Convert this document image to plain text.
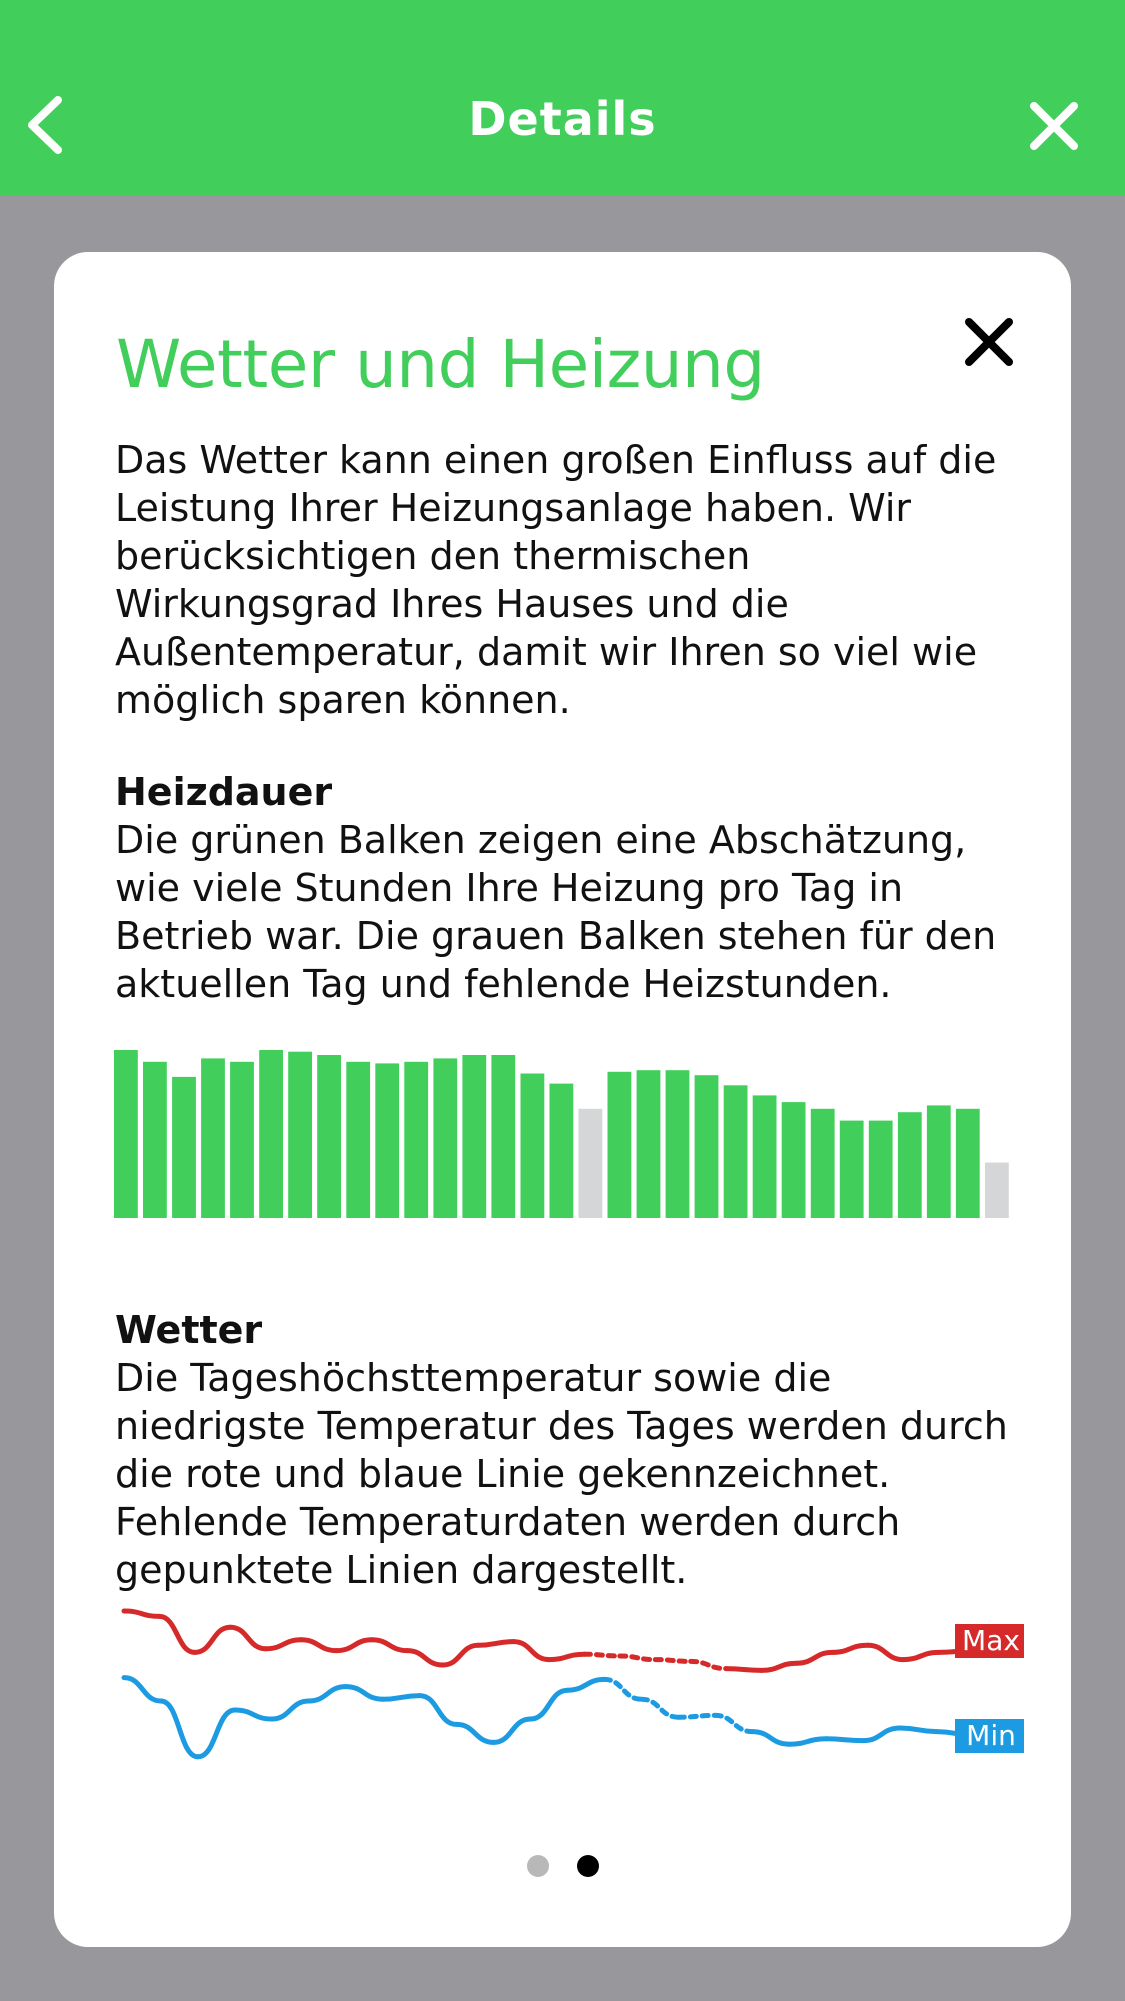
Details
Wetter und Heizung
Das Wetter kann einen großen Einfluss auf die Leistung Ihrer Heizungsanlage haben. Wir berücksichtigen den thermischen Wirkungsgrad Ihres Hauses und die Außentemperatur, damit wir Ihren so viel wie möglich sparen können.
Heizdauer
Die grünen Balken zeigen eine Abschätzung, wie viele Stunden Ihre Heizung pro Tag in Betrieb war. Die grauen Balken stehen für den aktuellen Tag und fehlende Heizstunden.
Wetter
Die Tageshöchsttemperatur sowie die niedrigste Temperatur des Tages werden durch die rote und blaue Linie gekennzeichnet. Fehlende Temperaturdaten werden durch gepunktete Linien dargestellt.
Max
Min
